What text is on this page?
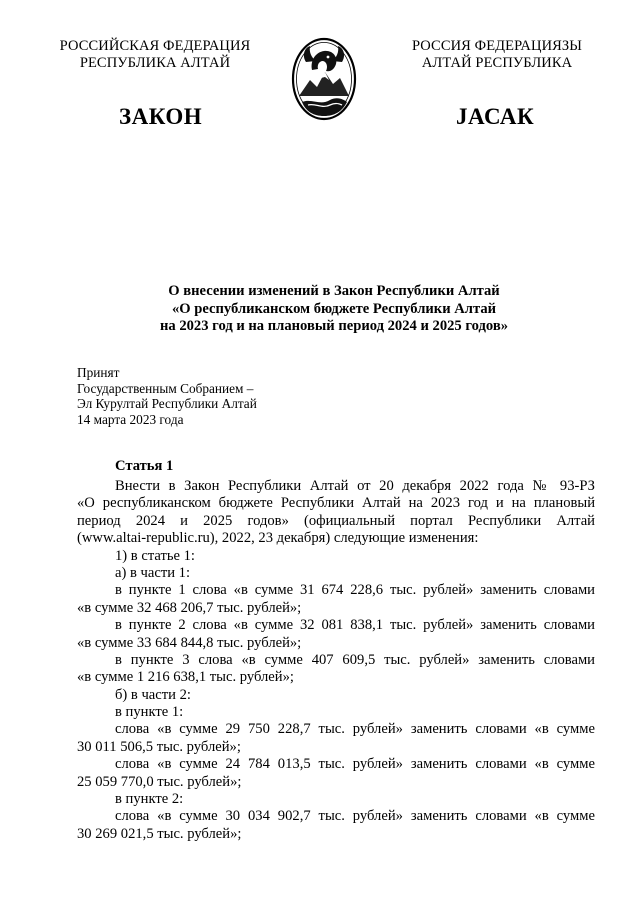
РОССИЙСКАЯ ФЕДЕРАЦИЯ
РЕСПУБЛИКА АЛТАЙ
РОССИЯ ФЕДЕРАЦИЯЗЫ
АЛТАЙ РЕСПУБЛИКА
ЗАКОН	JАСАК
О внесении изменений в Закон Республики Алтай
«О республиканском бюджете Республики Алтай
на 2023 год и на плановый период 2024 и 2025 годов»
Принят
Государственным Собранием –
Эл Курултай Республики Алтай
14 марта 2023 года
Статья 1
Внести в Закон Республики Алтай от 20 декабря 2022 года № 93-РЗ
«О республиканском бюджете Республики Алтай на 2023 год и на плановый
период 2024 и 2025 годов» (официальный портал Республики Алтай
(www.altai-republic.ru), 2022, 23 декабря) следующие изменения:
1) в статье 1:
а) в части 1:
в пункте 1 слова «в сумме 31 674 228,6 тыс. рублей» заменить словами
«в сумме 32 468 206,7 тыс. рублей»;
в пункте 2 слова «в сумме 32 081 838,1 тыс. рублей» заменить словами
«в сумме 33 684 844,8 тыс. рублей»;
в пункте 3 слова «в сумме 407 609,5 тыс. рублей» заменить словами
«в сумме 1 216 638,1 тыс. рублей»;
б) в части 2:
в пункте 1:
слова «в сумме 29 750 228,7 тыс. рублей» заменить словами «в сумме
30 011 506,5 тыс. рублей»;
слова «в сумме 24 784 013,5 тыс. рублей» заменить словами «в сумме
25 059 770,0 тыс. рублей»;
в пункте 2:
слова «в сумме 30 034 902,7 тыс. рублей» заменить словами «в сумме
30 269 021,5 тыс. рублей»;
